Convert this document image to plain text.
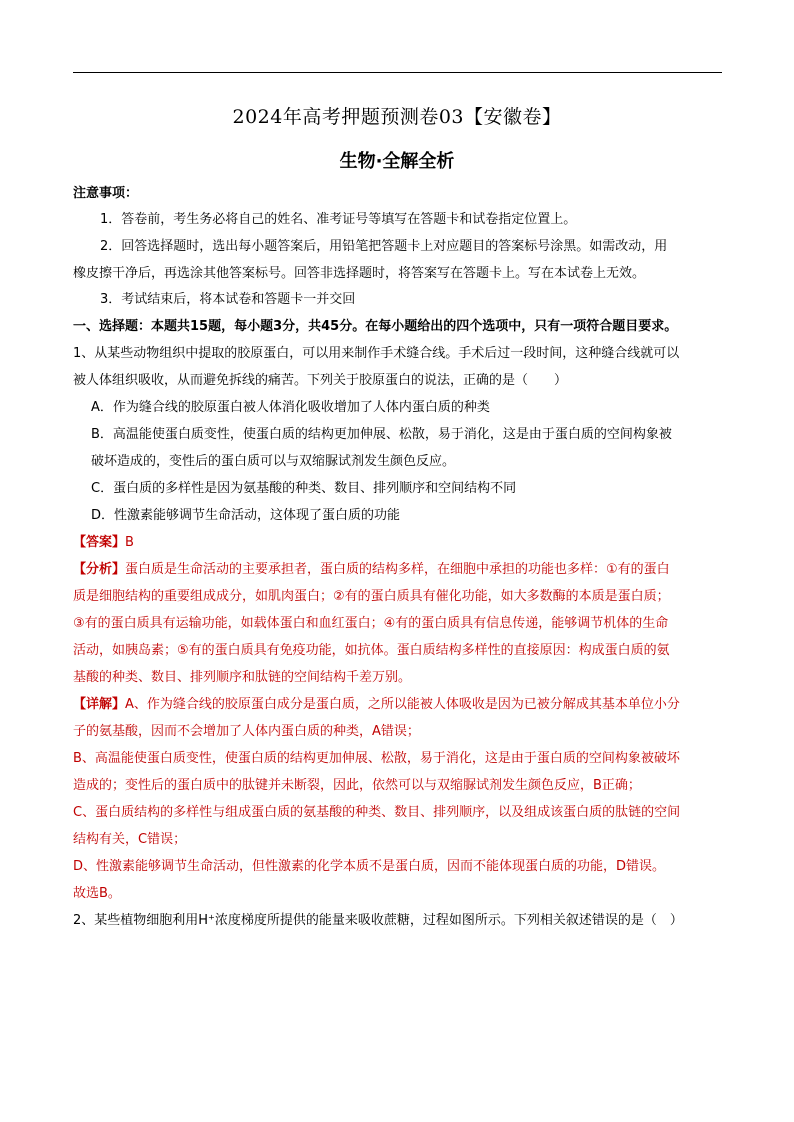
2024年高考押题预测卷03【安徽卷】
生物·全解全析
注意事项：
1．答卷前，考生务必将自己的姓名、准考证号等填写在答题卡和试卷指定位置上。
2．回答选择题时，选出每小题答案后，用铅笔把答题卡上对应题目的答案标号涂黑。如需改动，用
橡皮擦干净后，再选涂其他答案标号。回答非选择题时，将答案写在答题卡上。写在本试卷上无效。
3．考试结束后，将本试卷和答题卡一并交回
一、选择题：本题共15题，每小题3分，共45分。在每小题给出的四个选项中，只有一项符合题目要求。
1、从某些动物组织中提取的胶原蛋白，可以用来制作手术缝合线。手术后过一段时间，这种缝合线就可以
被人体组织吸收，从而避免拆线的痛苦。下列关于胶原蛋白的说法，正确的是（　　）
A．作为缝合线的胶原蛋白被人体消化吸收增加了人体内蛋白质的种类
B．高温能使蛋白质变性，使蛋白质的结构更加伸展、松散，易于消化，这是由于蛋白质的空间构象被
破坏造成的，变性后的蛋白质可以与双缩脲试剂发生颜色反应。
C．蛋白质的多样性是因为氨基酸的种类、数目、排列顺序和空间结构不同
D．性激素能够调节生命活动，这体现了蛋白质的功能
【答案】B
【分析】蛋白质是生命活动的主要承担者，蛋白质的结构多样，在细胞中承担的功能也多样：①有的蛋白
质是细胞结构的重要组成成分，如肌肉蛋白；②有的蛋白质具有催化功能，如大多数酶的本质是蛋白质；
③有的蛋白质具有运输功能，如载体蛋白和血红蛋白；④有的蛋白质具有信息传递，能够调节机体的生命
活动，如胰岛素；⑤有的蛋白质具有免疫功能，如抗体。蛋白质结构多样性的直接原因：构成蛋白质的氨
基酸的种类、数目、排列顺序和肽链的空间结构千差万别。
【详解】A、作为缝合线的胶原蛋白成分是蛋白质，之所以能被人体吸收是因为已被分解成其基本单位小分
子的氨基酸，因而不会增加了人体内蛋白质的种类，A错误；
B、高温能使蛋白质变性，使蛋白质的结构更加伸展、松散，易于消化，这是由于蛋白质的空间构象被破坏
造成的；变性后的蛋白质中的肽键并未断裂，因此，依然可以与双缩脲试剂发生颜色反应，B正确；
C、蛋白质结构的多样性与组成蛋白质的氨基酸的种类、数目、排列顺序，以及组成该蛋白质的肽链的空间
结构有关，C错误；
D、性激素能够调节生命活动，但性激素的化学本质不是蛋白质，因而不能体现蛋白质的功能，D错误。
故选B。
2、某些植物细胞利用H⁺浓度梯度所提供的能量来吸收蔗糖，过程如图所示。下列相关叙述错误的是（　）
